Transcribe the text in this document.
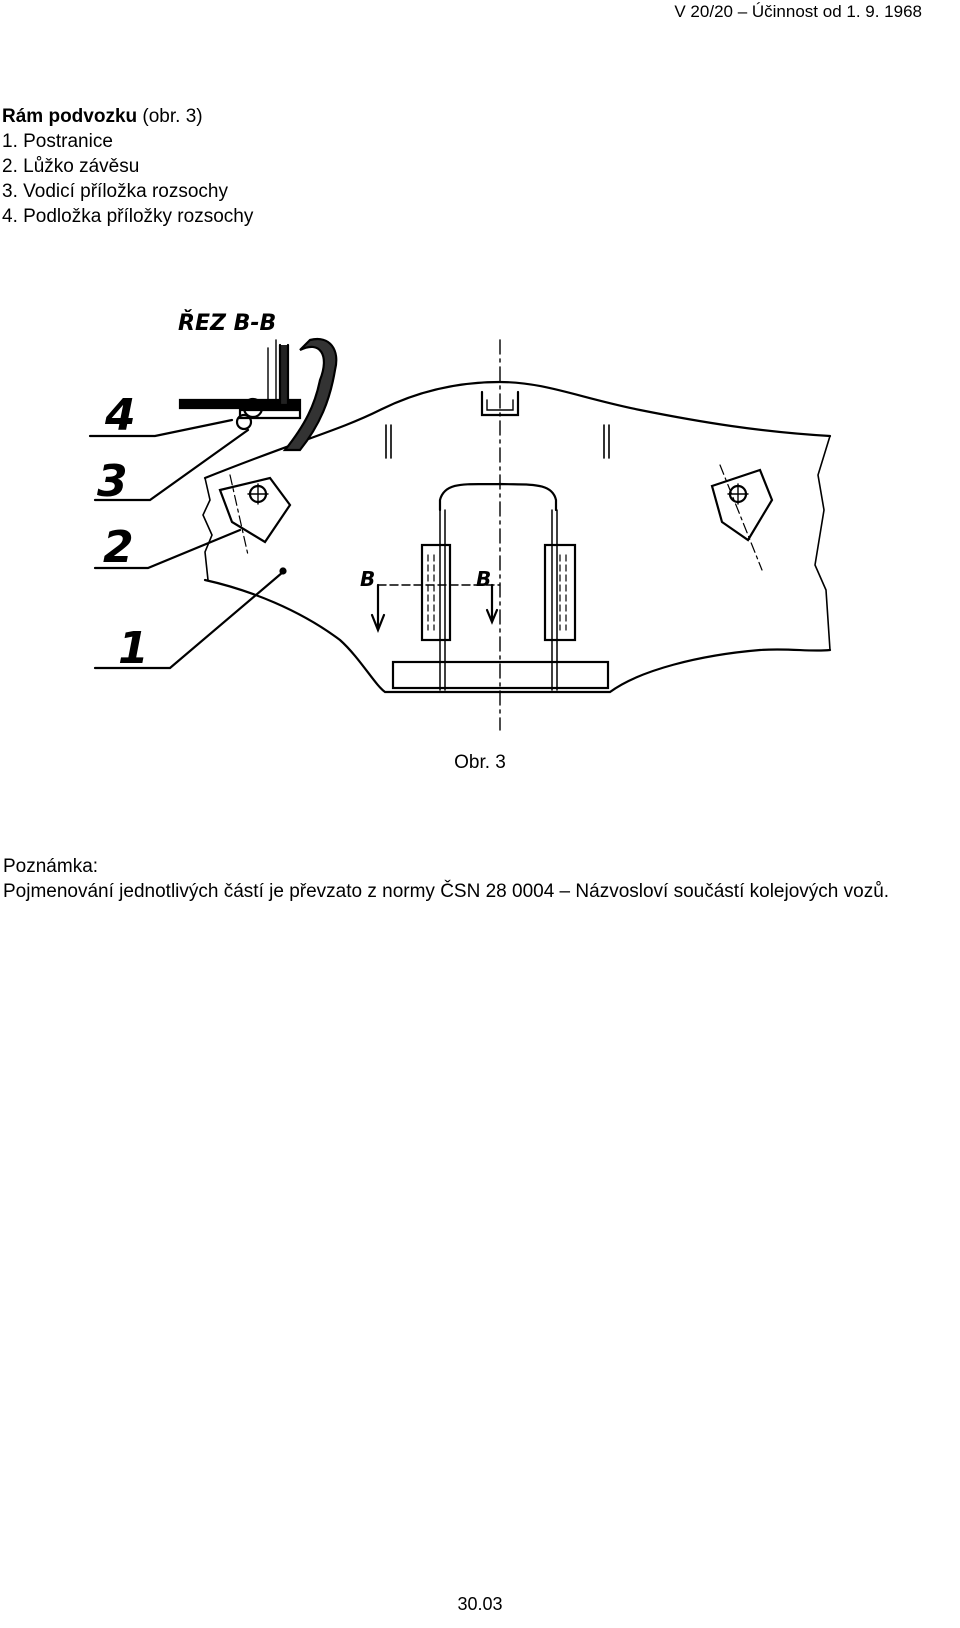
V 20/20 – Účinnost od 1. 9. 1968
Rám podvozku (obr. 3)
1. Postranice
2. Lůžko závěsu
3. Vodicí příložka rozsochy
4. Podložka příložky rozsochy
ŘEZ B-B
4
3
2
1
B	B
Obr. 3
Poznámka:
Pojmenování jednotlivých částí je převzato z normy ČSN 28 0004 – Názvosloví součástí kolejových vozů.
30.03
